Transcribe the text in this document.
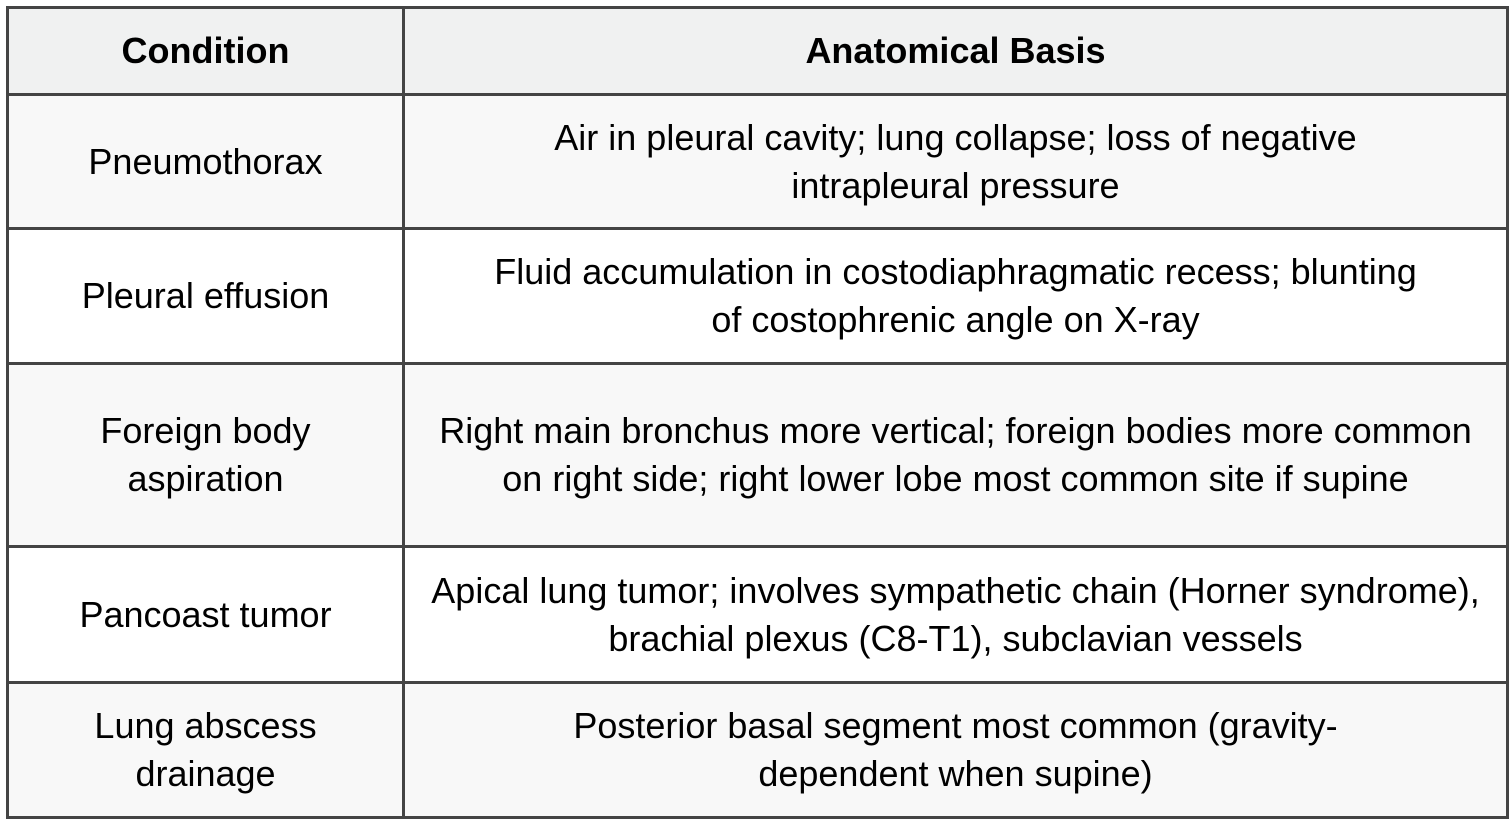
Condition	Anatomical Basis
Pneumothorax	Air in pleural cavity; lung collapse; loss of negative intrapleural pressure
Pleural effusion	Fluid accumulation in costodiaphragmatic recess; blunting of costophrenic angle on X-ray
Foreign body aspiration	Right main bronchus more vertical; foreign bodies more common on right side; right lower lobe most common site if supine
Pancoast tumor	Apical lung tumor; involves sympathetic chain (Horner syndrome), brachial plexus (C8-T1), subclavian vessels
Lung abscess drainage	Posterior basal segment most common (gravity-dependent when supine)
